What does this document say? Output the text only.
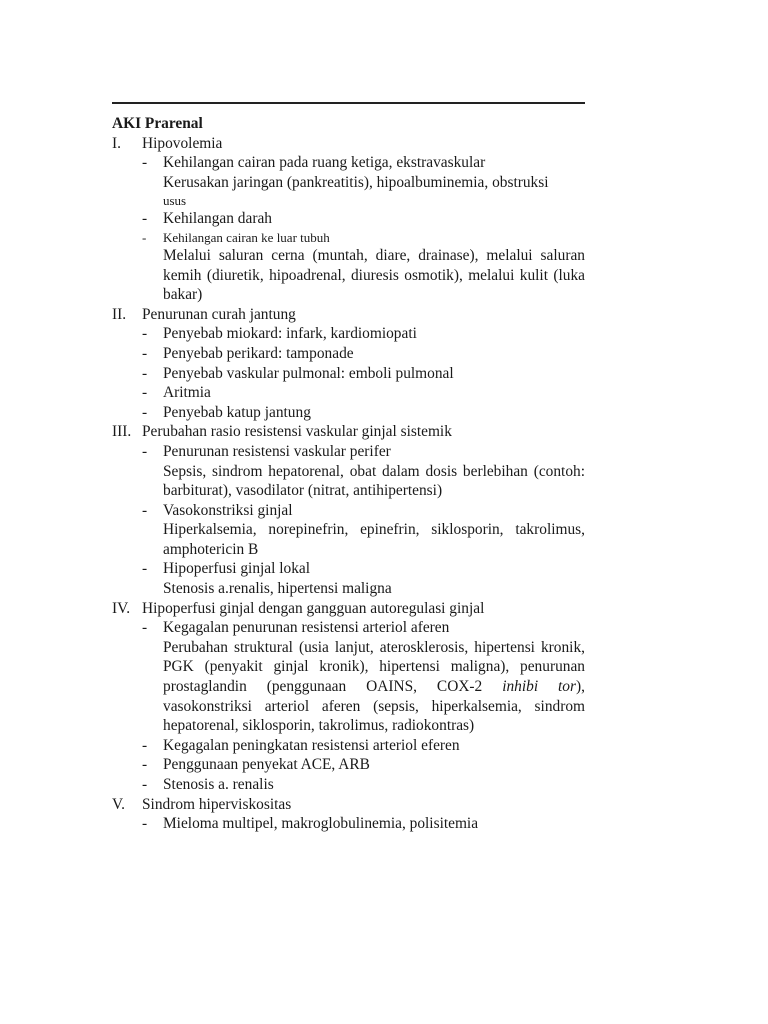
AKI Prarenal
I. Hipovolemia
- Kehilangan cairan pada ruang ketiga, ekstravaskular
Kerusakan jaringan (pankreatitis), hipoalbuminemia, obstruksi
usus
- Kehilangan darah
- Kehilangan cairan ke luar tubuh
Melalui saluran cerna (muntah, diare, drainase), melalui saluran kemih (diuretik, hipoadrenal, diuresis osmotik), melalui kulit (luka bakar)
II. Penurunan curah jantung
- Penyebab miokard: infark, kardiomiopati
- Penyebab perikard: tamponade
- Penyebab vaskular pulmonal: emboli pulmonal
- Aritmia
- Penyebab katup jantung
III. Perubahan rasio resistensi vaskular ginjal sistemik
- Penurunan resistensi vaskular perifer
Sepsis, sindrom hepatorenal, obat dalam dosis berlebihan (contoh: barbiturat), vasodilator (nitrat, antihipertensi)
- Vasokonstriksi ginjal
Hiperkalsemia, norepinefrin, epinefrin, siklosporin, takrolimus, amphotericin B
- Hipoperfusi ginjal lokal
Stenosis a.renalis, hipertensi maligna
IV. Hipoperfusi ginjal dengan gangguan autoregulasi ginjal
- Kegagalan penurunan resistensi arteriol aferen
Perubahan struktural (usia lanjut, aterosklerosis, hipertensi kronik, PGK (penyakit ginjal kronik), hipertensi maligna), penurunan prostaglandin (penggunaan OAINS, COX-2 inhibi tor), vasokonstriksi arteriol aferen (sepsis, hiperkalsemia, sindrom hepatorenal, siklosporin, takrolimus, radiokontras)
- Kegagalan peningkatan resistensi arteriol eferen
- Penggunaan penyekat ACE, ARB
- Stenosis a. renalis
V. Sindrom hiperviskositas
- Mieloma multipel, makroglobulinemia, polisitemia
